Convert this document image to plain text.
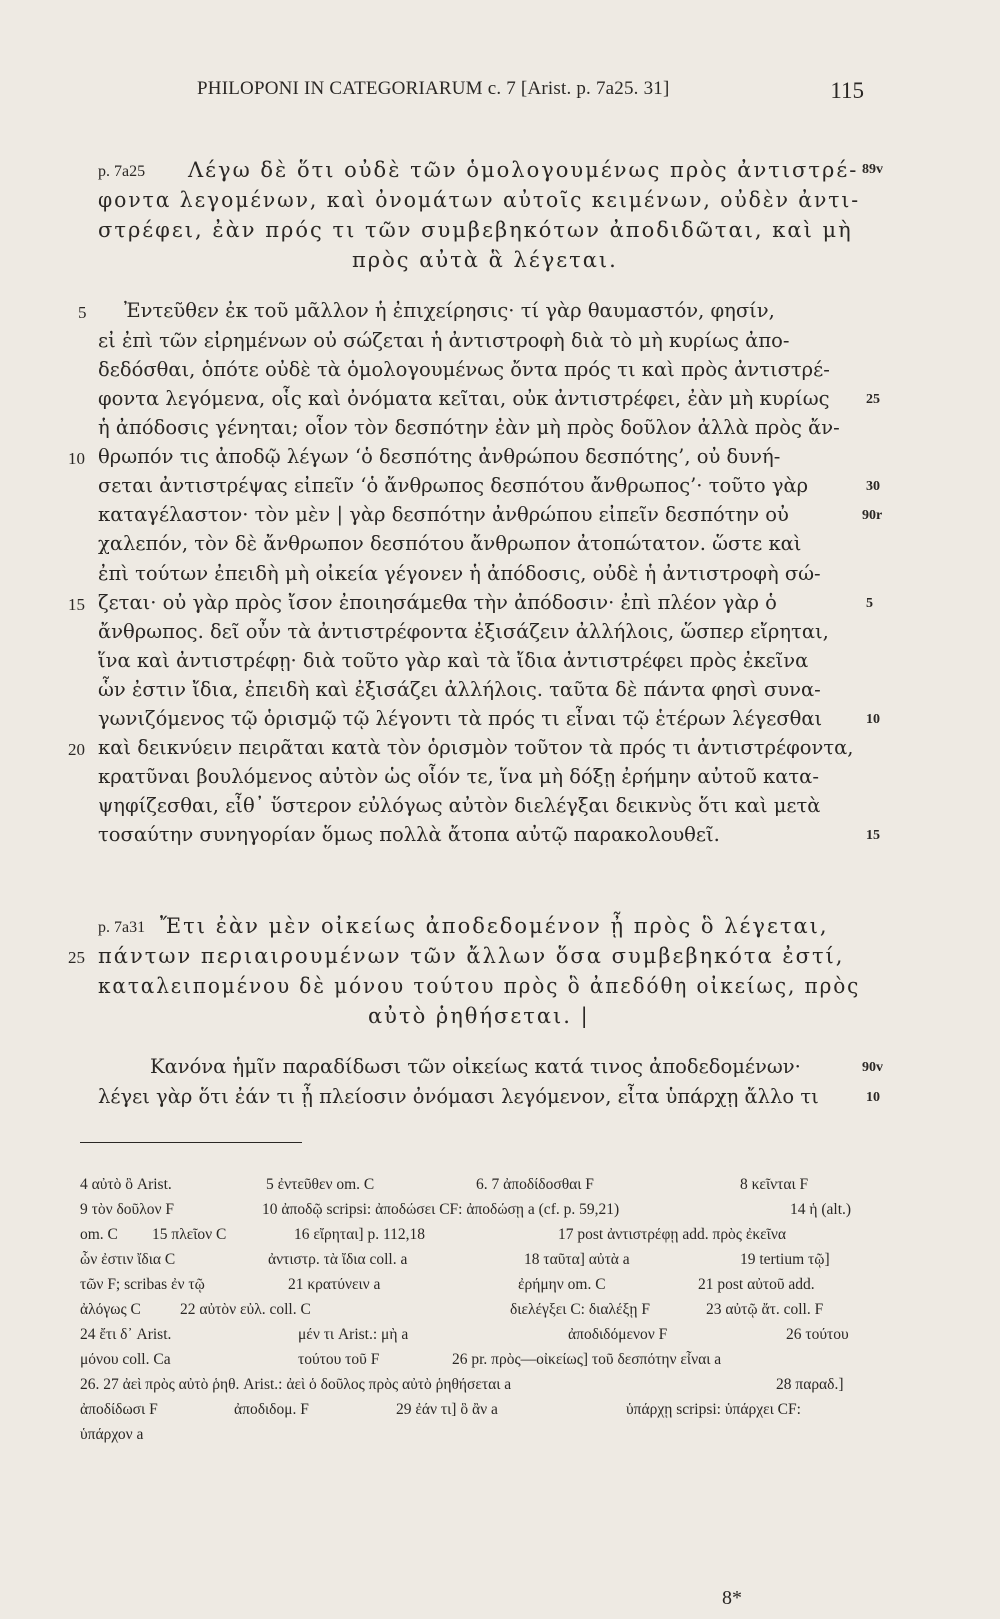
PHILOPONI IN CATEGORIARUM c. 7 [Arist. p. 7a25. 31]	115
p. 7a25 Λέγω δὲ ὅτι οὐδὲ τῶν ὁμολογουμένως πρὸς ἀντιστρέ-
φοντα λεγομένων, καὶ ὀνομάτων αὐτοῖς κειμένων, οὐδὲν ἀντι-
στρέφει, ἐὰν πρός τι τῶν συμβεβηκότων ἀποδιδῶται, καὶ μὴ
πρὸς αὐτὰ ἃ λέγεται.
Ἐντεῦθεν ἐκ τοῦ μᾶλλον ἡ ἐπιχείρησις· τί γὰρ θαυμαστόν, φησίν,
εἰ ἐπὶ τῶν εἰρημένων οὐ σώζεται ἡ ἀντιστροφὴ διὰ τὸ μὴ κυρίως ἀπο-
δεδόσθαι, ὁπότε οὐδὲ τὰ ὁμολογουμένως ὄντα πρός τι καὶ πρὸς ἀντιστρέ-
φοντα λεγόμενα, οἷς καὶ ὀνόματα κεῖται, οὐκ ἀντιστρέφει, ἐὰν μὴ κυρίως
ἡ ἀπόδοσις γένηται; οἷον τὸν δεσπότην ἐὰν μὴ πρὸς δοῦλον ἀλλὰ πρὸς ἄν-
θρωπόν τις ἀποδῷ λέγων ‘ὁ δεσπότης ἀνθρώπου δεσπότης’, οὐ δυνή-
σεται ἀντιστρέψας εἰπεῖν ‘ὁ ἄνθρωπος δεσπότου ἄνθρωπος’· τοῦτο γὰρ
καταγέλαστον· τὸν μὲν | γὰρ δεσπότην ἀνθρώπου εἰπεῖν δεσπότην οὐ
χαλεπόν, τὸν δὲ ἄνθρωπον δεσπότου ἄνθρωπον ἀτοπώτατον. ὥστε καὶ
ἐπὶ τούτων ἐπειδὴ μὴ οἰκεία γέγονεν ἡ ἀπόδοσις, οὐδὲ ἡ ἀντιστροφὴ σώ-
ζεται· οὐ γὰρ πρὸς ἴσον ἐποιησάμεθα τὴν ἀπόδοσιν· ἐπὶ πλέον γὰρ ὁ
ἄνθρωπος. δεῖ οὖν τὰ ἀντιστρέφοντα ἐξισάζειν ἀλλήλοις, ὥσπερ εἴρηται,
ἵνα καὶ ἀντιστρέφῃ· διὰ τοῦτο γὰρ καὶ τὰ ἴδια ἀντιστρέφει πρὸς ἐκεῖνα
ὧν ἐστιν ἴδια, ἐπειδὴ καὶ ἐξισάζει ἀλλήλοις. ταῦτα δὲ πάντα φησὶ συνα-
γωνιζόμενος τῷ ὁρισμῷ τῷ λέγοντι τὰ πρός τι εἶναι τῷ ἑτέρων λέγεσθαι
καὶ δεικνύειν πειρᾶται κατὰ τὸν ὁρισμὸν τοῦτον τὰ πρός τι ἀντιστρέφοντα,
κρατῦναι βουλόμενος αὐτὸν ὡς οἷόν τε, ἵνα μὴ δόξῃ ἐρήμην αὐτοῦ κατα-
ψηφίζεσθαι, εἶθ᾽ ὕστερον εὐλόγως αὐτὸν διελέγξαι δεικνὺς ὅτι καὶ μετὰ
τοσαύτην συνηγορίαν ὅμως πολλὰ ἄτοπα αὐτῷ παρακολουθεῖ.
p. 7a31 Ἔτι ἐὰν μὲν οἰκείως ἀποδεδομένον ᾖ πρὸς ὃ λέγεται,
πάντων περιαιρουμένων τῶν ἄλλων ὅσα συμβεβηκότα ἐστί,
καταλειπομένου δὲ μόνου τούτου πρὸς ὃ ἀπεδόθη οἰκείως, πρὸς
αὐτὸ ῥηθήσεται. |
Κανόνα ἡμῖν παραδίδωσι τῶν οἰκείως κατά τινος ἀποδεδομένων·
λέγει γὰρ ὅτι ἐάν τι ᾖ πλείοσιν ὀνόμασι λεγόμενον, εἶτα ὑπάρχῃ ἄλλο τι
5
10
15
20
25
89v
25
30
90r
5
10
15
90v
10
4 αὐτὸ ὃ Arist.	5 ἐντεῦθεν om. C	6. 7 ἀποδίδοσθαι F	8 κεῖνται F
9 τὸν δοῦλον F	10 ἀποδῷ scripsi: ἀποδώσει CF: ἀποδώσῃ a (cf. p. 59,21)	14 ἡ (alt.)
om. C 15 πλεῖον C	16 εἴρηται] p. 112,18	17 post ἀντιστρέφῃ add. πρὸς ἐκεῖνα
ὧν ἐστιν ἴδια C	ἀντιστρ. τὰ ἴδια coll. a	18 ταῦτα] αὐτὰ a	19 tertium τῷ]
τῶν F; scribas ἐν τῷ	21 κρατύνειν a	ἐρήμην om. C	21 post αὐτοῦ add.
ἀλόγως C	22 αὐτὸν εὐλ. coll. C	διελέγξει C: διαλέξῃ F	23 αὐτῷ ἄτ. coll. F
24 ἔτι δ᾽ Arist.	μέν τι Arist.: μὴ a	ἀποδιδόμενον F	26 τούτου
μόνου coll. Ca	τούτου τοῦ F	26 pr. πρὸς—οἰκείως] τοῦ δεσπότην εἶναι a
26. 27 ἀεὶ πρὸς αὐτὸ ῥηθ. Arist.: ἀεὶ ὁ δοῦλος πρὸς αὐτὸ ῥηθήσεται a	28 παραδ.]
ἀποδίδωσι F	ἀποδιδομ. F	29 ἐάν τι] ὃ ἂν a	ὑπάρχῃ scripsi: ὑπάρχει CF:
ὑπάρχον a
8*
